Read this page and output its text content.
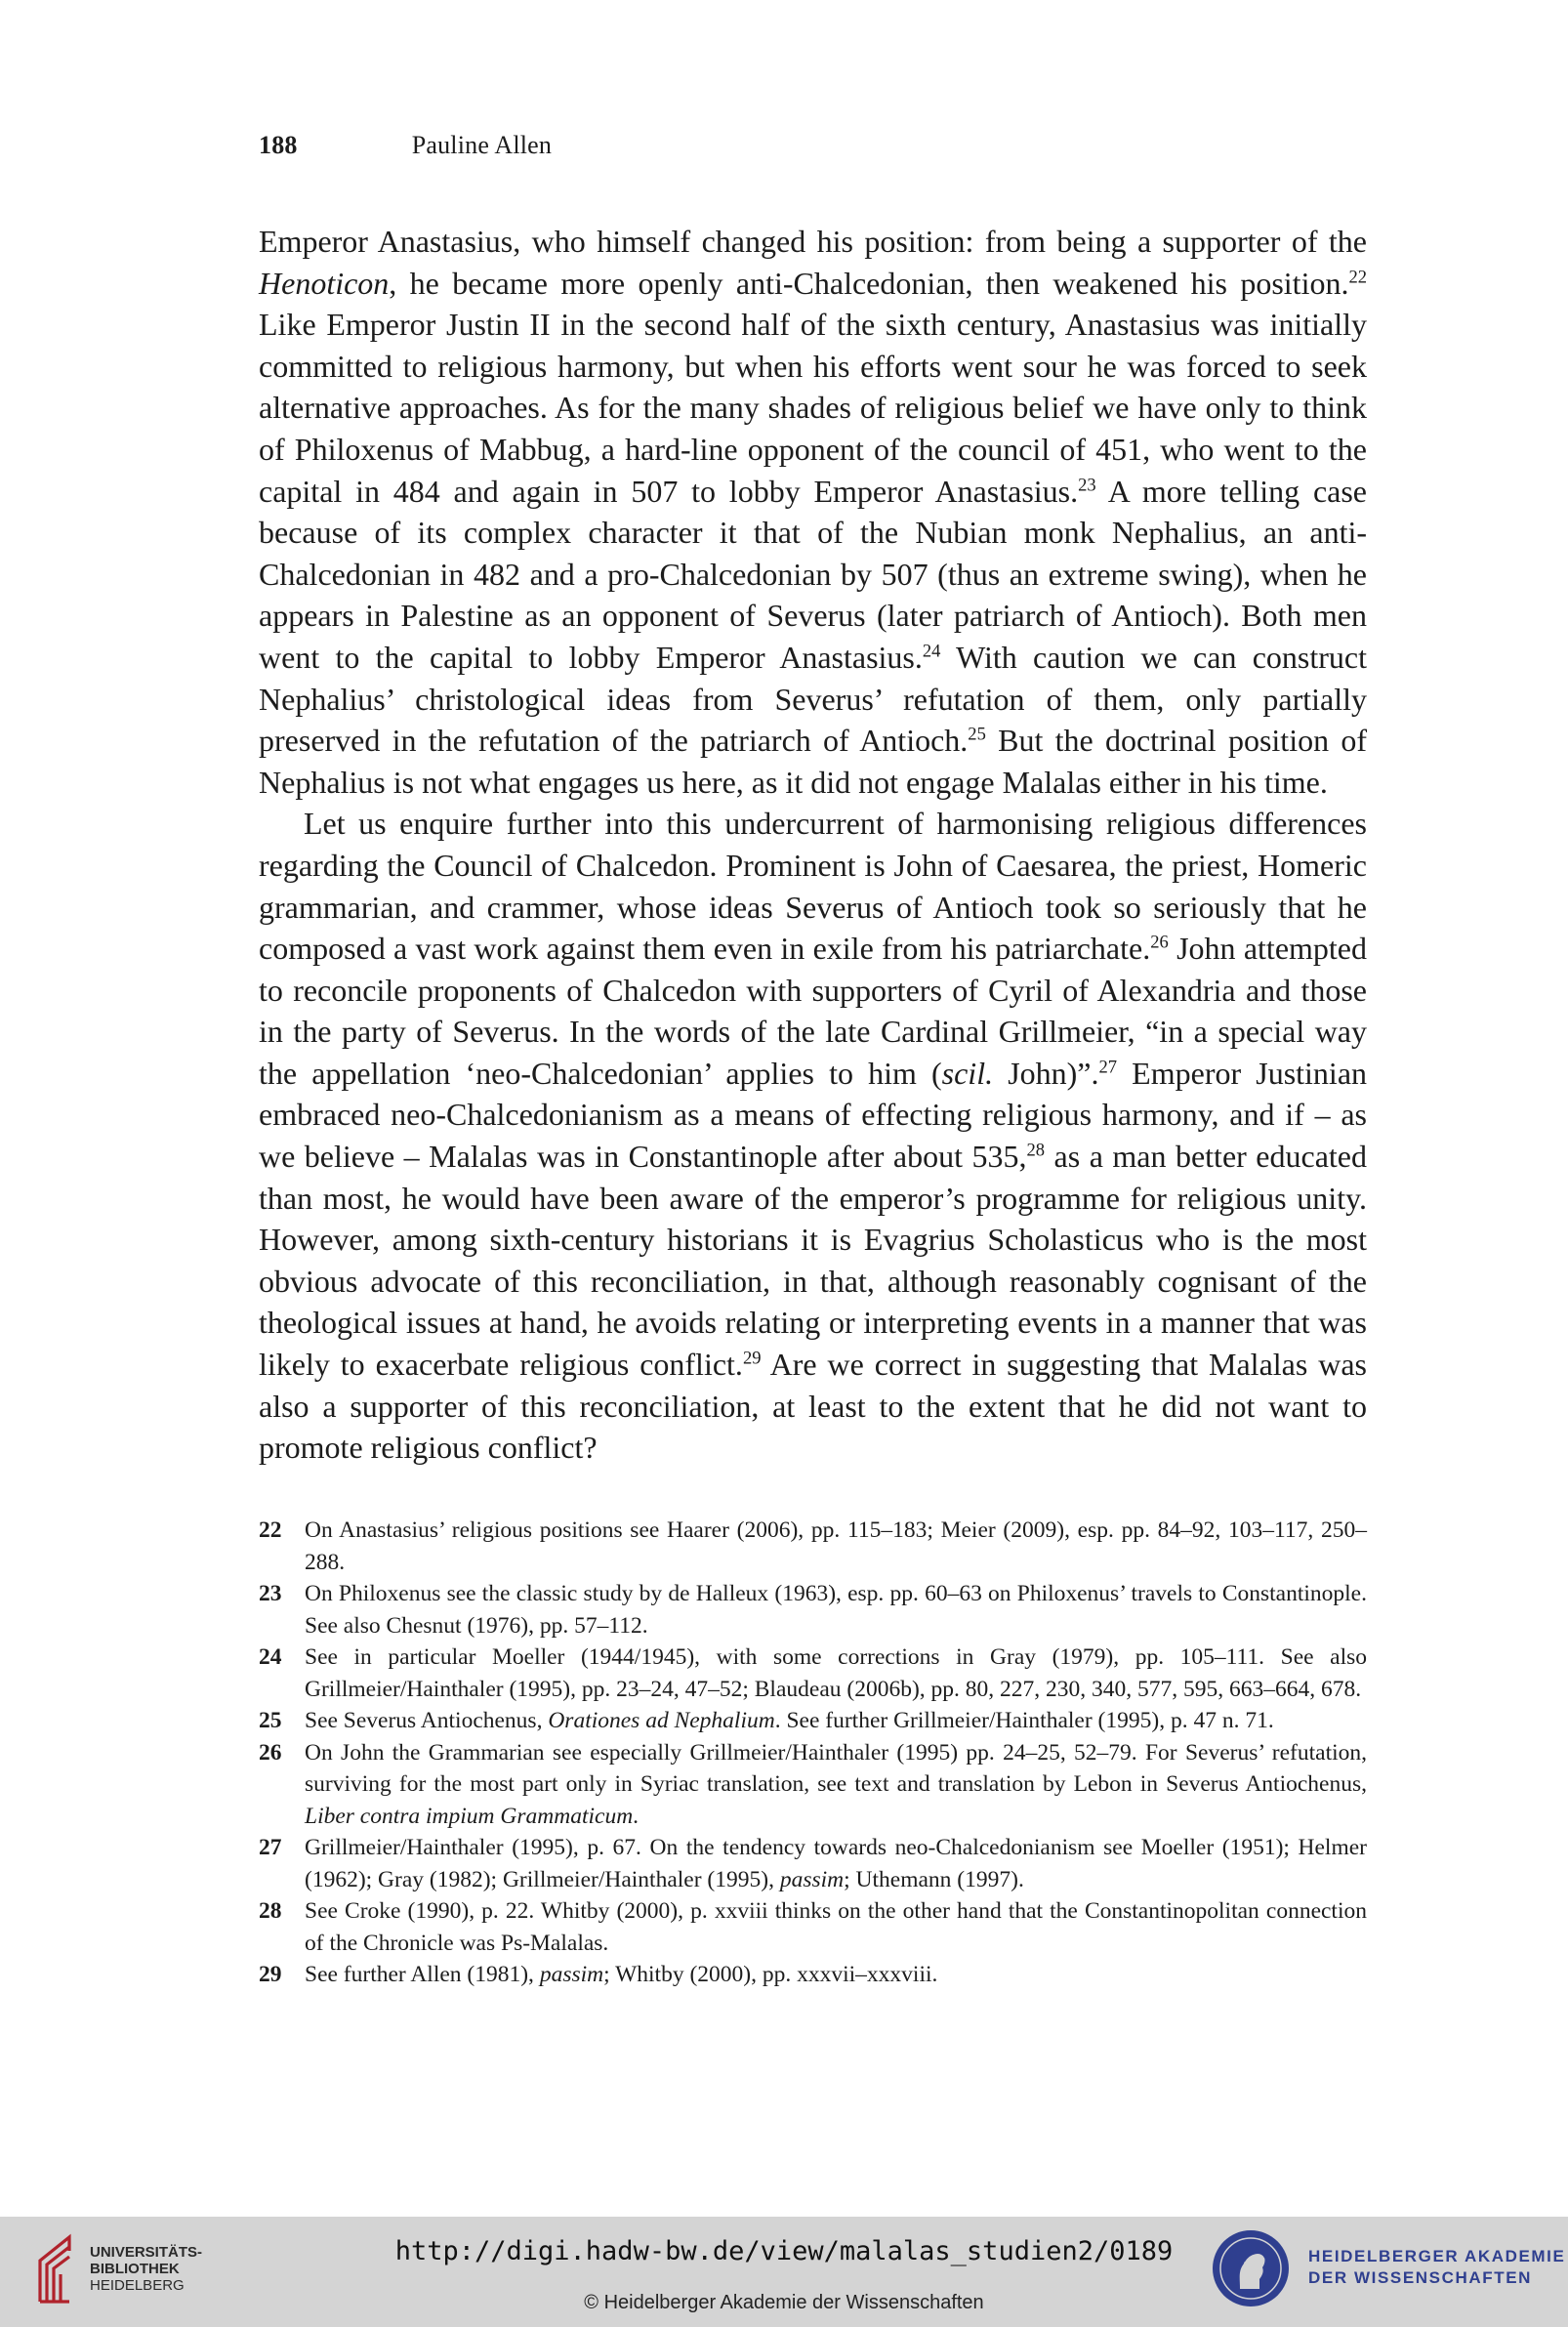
188	Pauline Allen

Emperor Anastasius, who himself changed his position: from being a supporter of the Henoticon, he became more openly anti-Chalcedonian, then weakened his position.$^{22}$ Like Emperor Justin II in the second half of the sixth century, Anastasius was initially committed to religious harmony, but when his efforts went sour he was forced to seek alternative approaches. As for the many shades of religious belief we have only to think of Philoxenus of Mabbug, a hard-line opponent of the council of 451, who went to the capital in 484 and again in 507 to lobby Emperor Anastasius.$^{23}$ A more telling case because of its complex character it that of the Nubian monk Nephalius, an anti-Chalcedonian in 482 and a pro-Chalcedonian by 507 (thus an extreme swing), when he appears in Palestine as an opponent of Severus (later patriarch of Antioch). Both men went to the capital to lobby Emperor Anastasius.$^{24}$ With caution we can construct Nephalius’ christological ideas from Severus’ refutation of them, only partially preserved in the refutation of the patriarch of Antioch.$^{25}$ But the doctrinal position of Nephalius is not what engages us here, as it did not engage Malalas either in his time.

Let us enquire further into this undercurrent of harmonising religious differences regarding the Council of Chalcedon. Prominent is John of Caesarea, the priest, Homeric grammarian, and crammer, whose ideas Severus of Antioch took so seriously that he composed a vast work against them even in exile from his patriarchate.$^{26}$ John attempted to reconcile proponents of Chalcedon with supporters of Cyril of Alexandria and those in the party of Severus. In the words of the late Cardinal Grillmeier, “in a special way the appellation ‘neo-Chalcedonian’ applies to him (scil. John)”.$^{27}$ Emperor Justinian embraced neo-Chalcedonianism as a means of effecting religious harmony, and if – as we believe – Malalas was in Constantinople after about 535,28 as a man better educated than most, he would have been aware of the emperor’s programme for religious unity. However, among sixth-century historians it is Evagrius Scholasticus who is the most obvious advocate of this reconciliation, in that, although reasonably cognisant of the theological issues at hand, he avoids relating or interpreting events in a manner that was likely to exacerbate religious conflict.$^{29}$ Are we correct in suggesting that Malalas was also a supporter of this reconciliation, at least to the extent that he did not want to promote religious conflict?

22	On Anastasius’ religious positions see Haarer (2006), pp. 115–183; Meier (2009), esp. pp. 84–92, 103–117, 250–288.
23	On Philoxenus see the classic study by de Halleux (1963), esp. pp. 60–63 on Philoxenus’ travels to Constantinople. See also Chesnut (1976), pp. 57–112.
24	See in particular Moeller (1944/1945), with some corrections in Gray (1979), pp. 105–111. See also Grillmeier/Hainthaler (1995), pp. 23–24, 47–52; Blaudeau (2006b), pp. 80, 227, 230, 340, 577, 595, 663–664, 678.
25	See Severus Antiochenus, Orationes ad Nephalium. See further Grillmeier/Hainthaler (1995), p. 47 n. 71.
26	On John the Grammarian see especially Grillmeier/Hainthaler (1995) pp. 24–25, 52–79. For Severus’ refutation, surviving for the most part only in Syriac translation, see text and translation by Lebon in Severus Antiochenus, Liber contra impium Grammaticum.
27	Grillmeier/Hainthaler (1995), p. 67. On the tendency towards neo-Chalcedonianism see Moeller (1951); Helmer (1962); Gray (1982); Grillmeier/Hainthaler (1995), passim; Uthemann (1997).
28	See Croke (1990), p. 22. Whitby (2000), p. xxviii thinks on the other hand that the Constantinopolitan connection of the Chronicle was Ps-Malalas.
29	See further Allen (1981), passim; Whitby (2000), pp. xxxvii–xxxviii.
UNIVERSITÄTS-
BIBLIOTHEK
HEIDELBERG
http://digi.hadw-bw.de/view/malalas_studien2/0189
© Heidelberger Akademie der Wissenschaften
HEIDELBERGER AKADEMIE
DER WISSENSCHAFTEN
